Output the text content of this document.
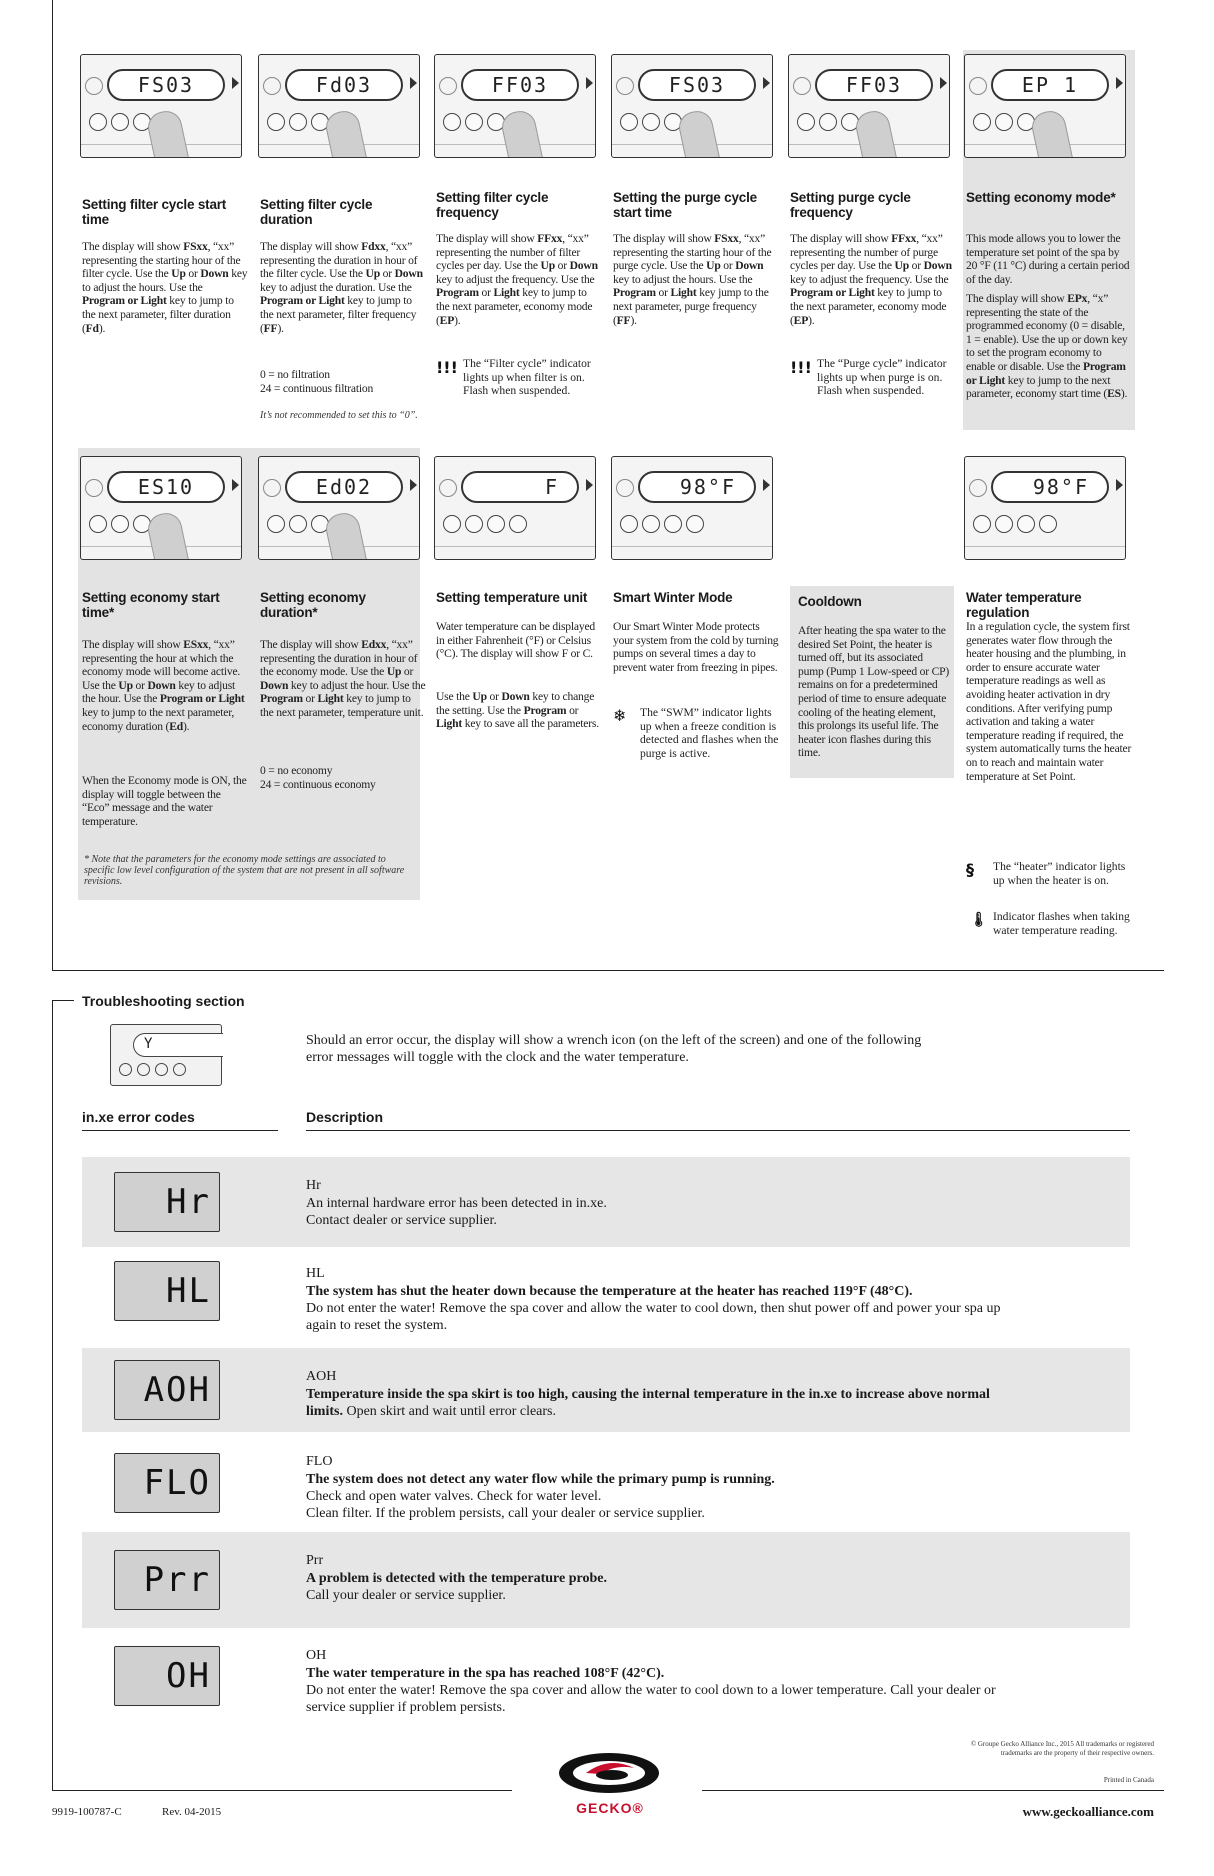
FS03
Setting filter cycle start time
The display will show FSxx, “xx” representing the starting hour of the filter cycle. Use the Up or Down key to adjust the hours. Use the Program or Light key to jump to the next parameter, filter duration (Fd).
Fd03
Setting filter cycle duration
The display will show Fdxx, “xx” representing the duration in hour of the filter cycle. Use the Up or Down key to adjust the duration. Use the Program or Light key to jump to the next parameter, filter frequency (FF).
0 = no filtration
24 = continuous filtration
It’s not recommended to set this to “0”.
FF03
Setting filter cycle frequency
The display will show FFxx, “xx” representing the number of filter cycles per day. Use the Up or Down key to adjust the frequency. Use the Program or Light key to jump to the next parameter, economy mode (EP).
!!! The “Filter cycle” indicator lights up when filter is on. Flash when suspended.
FS03
Setting the purge cycle start time
The display will show FSxx, “xx” representing the starting hour of the purge cycle. Use the Up or Down key to adjust the hours. Use the Program or Light key jump to the next parameter, purge frequency (FF).
FF03
Setting purge cycle frequency
The display will show FFxx, “xx” representing the number of purge cycles per day. Use the Up or Down key to adjust the frequency. Use the Program or Light key to jump to the next parameter, economy mode (EP).
!!! The “Purge cycle” indicator lights up when purge is on. Flash when suspended.
EP 1
Setting economy mode*
This mode allows you to lower the temperature set point of the spa by 20 °F (11 °C) during a certain period of the day.
The display will show EPx, “x” representing the state of the programmed economy (0 = disable, 1 = enable). Use the up or down key to set the program economy to enable or disable. Use the Program or Light key to jump to the next parameter, economy start time (ES).
ES10
Setting economy start time*
The display will show ESxx, “xx” representing the hour at which the economy mode will become active. Use the Up or Down key to adjust the hour. Use the Program or Light key to jump to the next parameter, economy duration (Ed).
When the Economy mode is ON, the display will toggle between the “Eco” message and the water temperature.
Ed02
Setting economy duration*
The display will show Edxx, “xx” representing the duration in hour of the economy mode. Use the Up or Down key to adjust the hour. Use the Program or Light key to jump to the next parameter, temperature unit.
0 = no economy
24 = continuous economy
F
Setting temperature unit
Water temperature can be displayed in either Fahrenheit (°F) or Celsius (°C). The display will show F or C.
Use the Up or Down key to change the setting. Use the Program or Light key to save all the parameters.
98°F
Smart Winter Mode
Our Smart Winter Mode protects your system from the cold by turning pumps on several times a day to prevent water from freezing in pipes.
❄ The “SWM” indicator lights up when a freeze condition is detected and flashes when the purge is active.
Cooldown
After heating the spa water to the desired Set Point, the heater is turned off, but its associated pump (Pump 1 Low-speed or CP) remains on for a predetermined period of time to ensure adequate cooling of the heating element, this prolongs its useful life. The heater icon flashes during this time.
98°F
Water temperature regulation
In a regulation cycle, the system first generates water flow through the heater housing and the plumbing, in order to ensure accurate water temperature readings as well as avoiding heater activation in dry conditions. After verifying pump activation and taking a water temperature reading if required, the system automatically turns the heater on to reach and maintain water temperature at Set Point.
§ The “heater” indicator lights up when the heater is on.
🌡 Indicator flashes when taking water temperature reading.
* Note that the parameters for the economy mode settings are associated to specific low level configuration of the system that are not present in all software revisions.
Troubleshooting section
Y	Should an error occur, the display will show a wrench icon (on the left of the screen) and one of the following error messages will toggle with the clock and the water temperature.
in.xe error codes	Description
Hr	Hr
An internal hardware error has been detected in in.xe.
Contact dealer or service supplier.
HL	HL
The system has shut the heater down because the temperature at the heater has reached 119°F (48°C).
Do not enter the water! Remove the spa cover and allow the water to cool down, then shut power off and power your spa up again to reset the system.
AOH	AOH
Temperature inside the spa skirt is too high, causing the internal temperature in the in.xe to increase above normal limits. Open skirt and wait until error clears.
FLO
FLO
The system does not detect any water flow while the primary pump is running.
Check and open water valves. Check for water level.
Clean filter. If the problem persists, call your dealer or service supplier.
Prr	Prr
A problem is detected with the temperature probe.
Call your dealer or service supplier.
OH
OH
The water temperature in the spa has reached 108°F (42°C).
Do not enter the water! Remove the spa cover and allow the water to cool down to a lower temperature. Call your dealer or service supplier if problem persists.
GECKO®
© Groupe Gecko Alliance Inc., 2015 All trademarks or registered trademarks are the property of their respective owners.
Printed in Canada
9919-100787-C	Rev. 04-2015	www.geckoalliance.com
